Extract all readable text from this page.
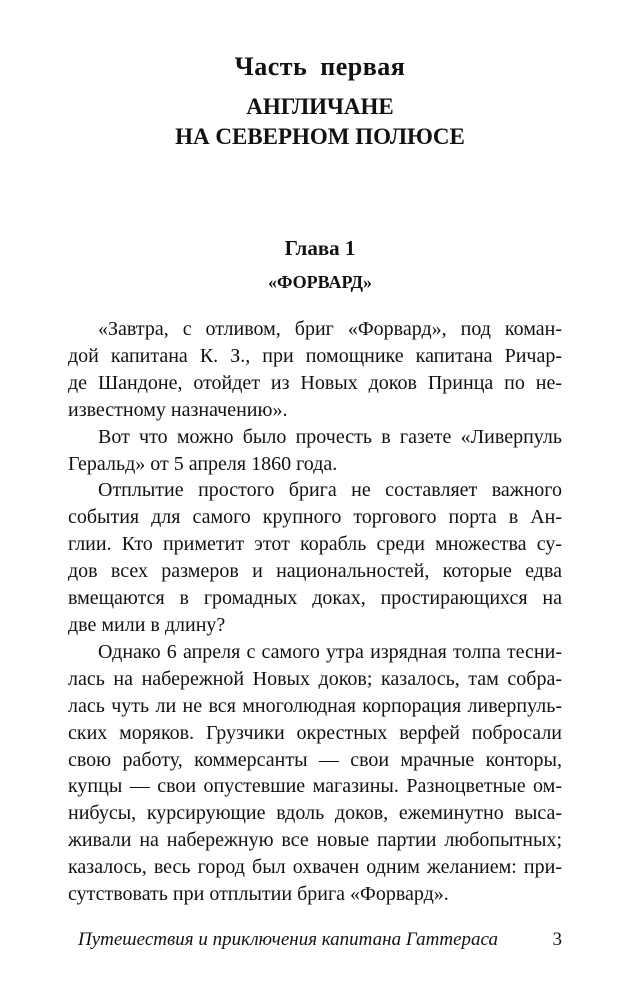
Часть первая
АНГЛИЧАНЕ
НА СЕВЕРНОМ ПОЛЮСЕ
Глава 1
«ФОРВАРД»
«Завтра, с отливом, бриг «Форвард», под коман-
дой капитана К. З., при помощнике капитана Ричар-
де Шандоне, отойдет из Новых доков Принца по не-
известному назначению».
Вот что можно было прочесть в газете «Ливерпуль
Геральд» от 5 апреля 1860 года.
Отплытие простого брига не составляет важного
события для самого крупного торгового порта в Ан-
глии. Кто приметит этот корабль среди множества су-
дов всех размеров и национальностей, которые едва
вмещаются в громадных доках, простирающихся на
две мили в длину?
Однако 6 апреля с самого утра изрядная толпа тесни-
лась на набережной Новых доков; казалось, там собра-
лась чуть ли не вся многолюдная корпорация ливерпуль-
ских моряков. Грузчики окрестных верфей побросали
свою работу, коммерсанты — свои мрачные конторы,
купцы — свои опустевшие магазины. Разноцветные ом-
нибусы, курсирующие вдоль доков, ежеминутно выса-
живали на набережную все новые партии любопытных;
казалось, весь город был охвачен одним желанием: при-
сутствовать при отплытии брига «Форвард».
Путешествия и приключения капитана Гаттераса	3
